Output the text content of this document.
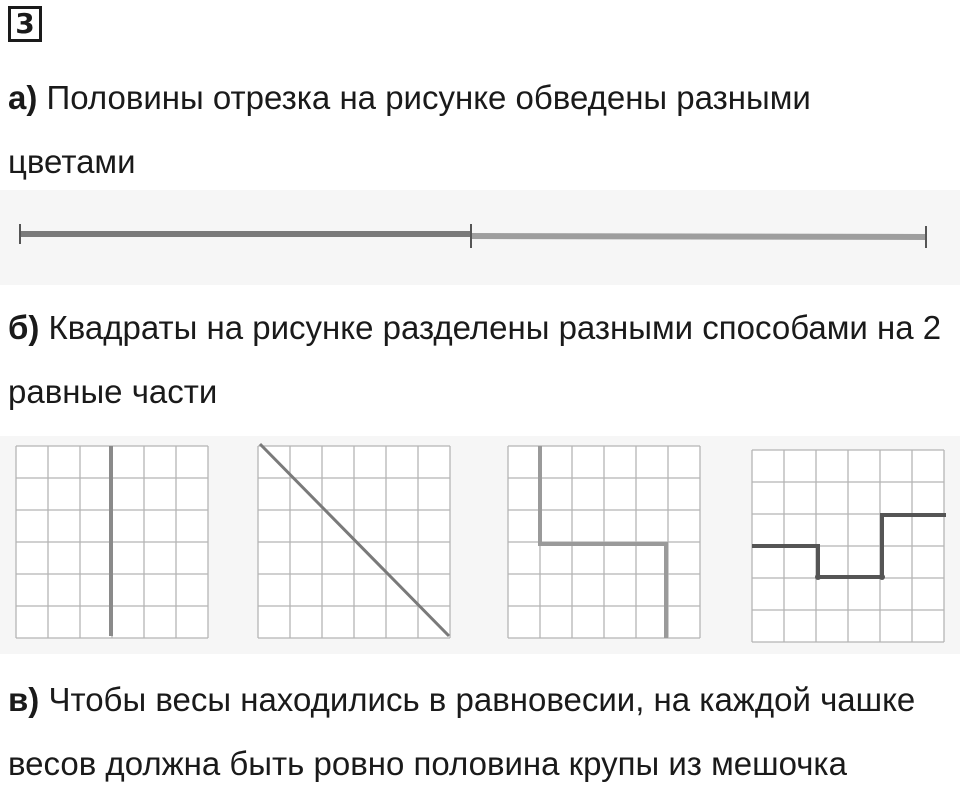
3
а) Половины отрезка на рисунке обведены разными
цветами
б) Квадраты на рисунке разделены разными способами на 2
равные части
в) Чтобы весы находились в равновесии, на каждой чашке
весов должна быть ровно половина крупы из мешочка
